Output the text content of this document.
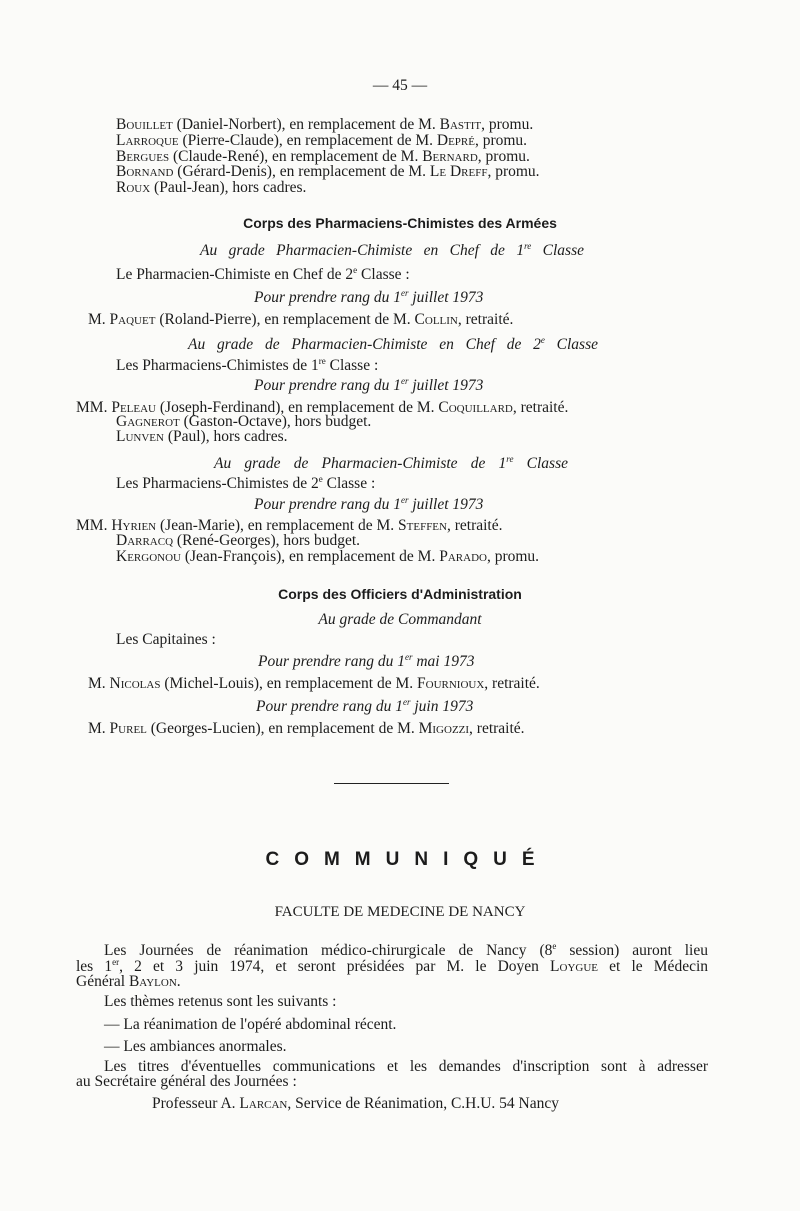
— 45 —
Bouillet (Daniel-Norbert), en remplacement de M. Bastit, promu.
Larroque (Pierre-Claude), en remplacement de M. Depré, promu.
Bergues (Claude-René), en remplacement de M. Bernard, promu.
Bornand (Gérard-Denis), en remplacement de M. Le Dreff, promu.
Roux (Paul-Jean), hors cadres.
Corps des Pharmaciens-Chimistes des Armées
Au grade Pharmacien-Chimiste en Chef de 1re Classe
Le Pharmacien-Chimiste en Chef de 2e Classe :
Pour prendre rang du 1er juillet 1973
M. Paquet (Roland-Pierre), en remplacement de M. Collin, retraité.
Au grade de Pharmacien-Chimiste en Chef de 2e Classe
Les Pharmaciens-Chimistes de 1re Classe :
Pour prendre rang du 1er juillet 1973
MM. Peleau (Joseph-Ferdinand), en remplacement de M. Coquillard, retraité.
Gagnerot (Gaston-Octave), hors budget.
Lunven (Paul), hors cadres.
Au grade de Pharmacien-Chimiste de 1re Classe
Les Pharmaciens-Chimistes de 2e Classe :
Pour prendre rang du 1er juillet 1973
MM. Hyrien (Jean-Marie), en remplacement de M. Steffen, retraité.
Darracq (René-Georges), hors budget.
Kergonou (Jean-François), en remplacement de M. Parado, promu.
Corps des Officiers d'Administration
Au grade de Commandant
Les Capitaines :
Pour prendre rang du 1er mai 1973
M. Nicolas (Michel-Louis), en remplacement de M. Fournioux, retraité.
Pour prendre rang du 1er juin 1973
M. Purel (Georges-Lucien), en remplacement de M. Migozzi, retraité.
COMMUNIQUÉ
FACULTE DE MEDECINE DE NANCY
Les Journées de réanimation médico-chirurgicale de Nancy (8e session) auront lieu
les 1er, 2 et 3 juin 1974, et seront présidées par M. le Doyen Loygue et le Médecin
Général Baylon.
Les thèmes retenus sont les suivants :
— La réanimation de l'opéré abdominal récent.
— Les ambiances anormales.
Les titres d'éventuelles communications et les demandes d'inscription sont à adresser
au Secrétaire général des Journées :
Professeur A. Larcan, Service de Réanimation, C.H.U. 54 Nancy
